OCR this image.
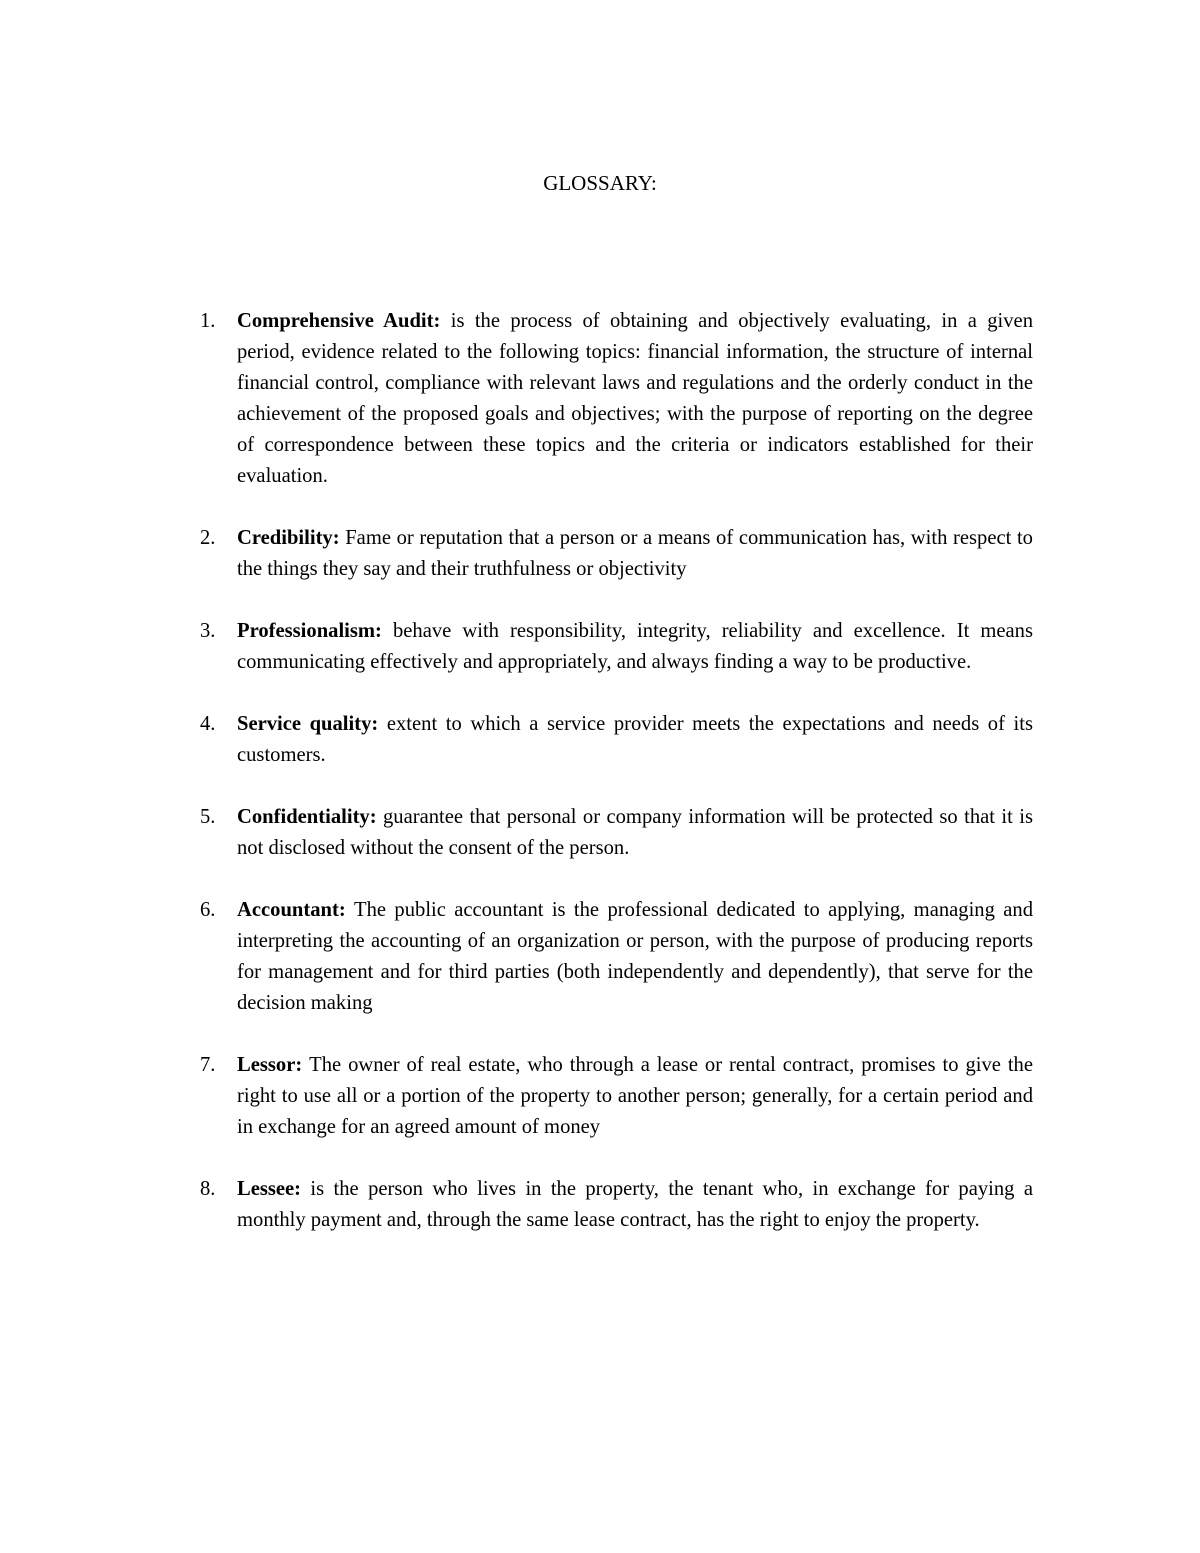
GLOSSARY:
1. Comprehensive Audit: is the process of obtaining and objectively evaluating, in a given period, evidence related to the following topics: financial information, the structure of internal financial control, compliance with relevant laws and regulations and the orderly conduct in the achievement of the proposed goals and objectives; with the purpose of reporting on the degree of correspondence between these topics and the criteria or indicators established for their evaluation.
2. Credibility: Fame or reputation that a person or a means of communication has, with respect to the things they say and their truthfulness or objectivity
3. Professionalism: behave with responsibility, integrity, reliability and excellence. It means communicating effectively and appropriately, and always finding a way to be productive.
4. Service quality: extent to which a service provider meets the expectations and needs of its customers.
5. Confidentiality: guarantee that personal or company information will be protected so that it is not disclosed without the consent of the person.
6. Accountant: The public accountant is the professional dedicated to applying, managing and interpreting the accounting of an organization or person, with the purpose of producing reports for management and for third parties (both independently and dependently), that serve for the decision making
7. Lessor: The owner of real estate, who through a lease or rental contract, promises to give the right to use all or a portion of the property to another person; generally, for a certain period and in exchange for an agreed amount of money
8. Lessee: is the person who lives in the property, the tenant who, in exchange for paying a monthly payment and, through the same lease contract, has the right to enjoy the property.
